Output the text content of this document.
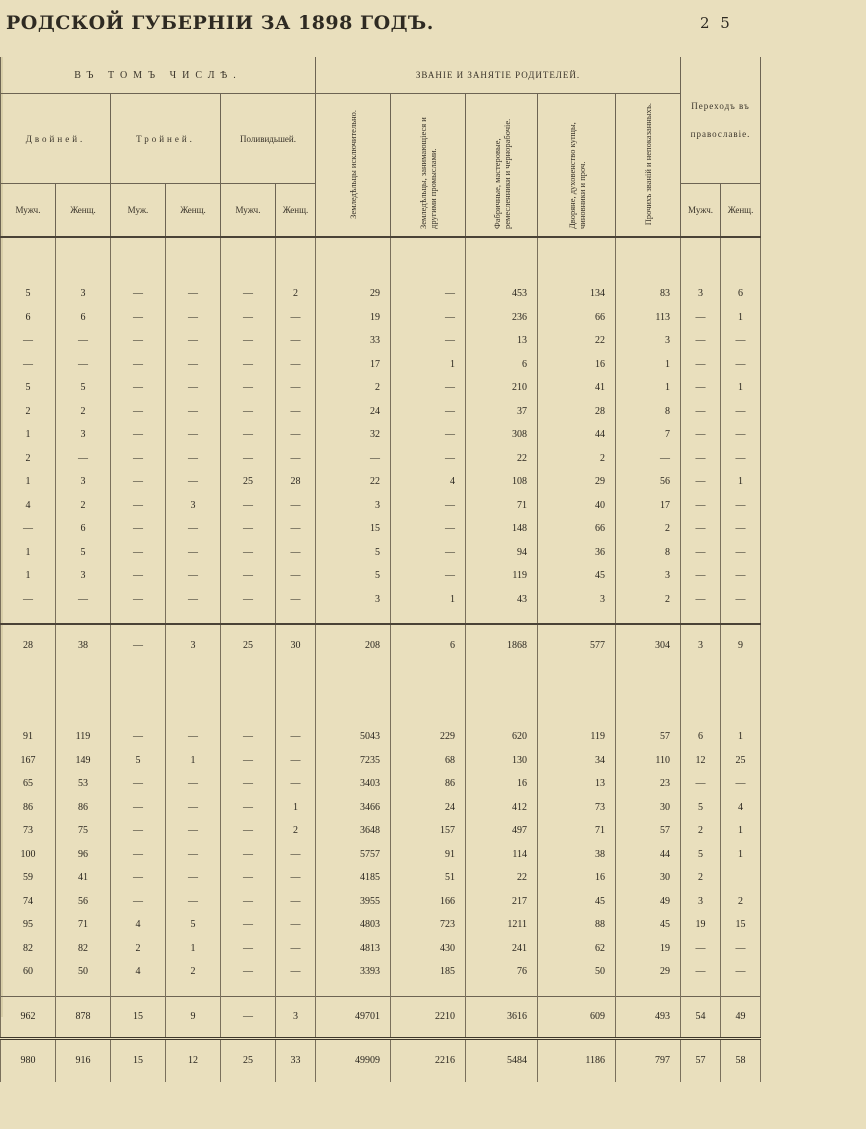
РОДСКОЙ ГУБЕРНІИ ЗА 1898 ГОДЪ.	2 5
ВЪ ТОМЪ ЧИСЛѢ.						ЗВАНІЕ И ЗАНЯТІЕ РОДИТЕЛЕЙ.					Переходъ въ православіе.	
Двойней.		Тройней.		Поливидьшей.		Земледѣльцы исключительно.	Земледѣльцы, занимающіеся и другими промыслами.	Фабричные, мастеровые, ремесленники и чернорабочіе.	Дворяне, духовенство купцы, чиновники и проч.	Прочихъ званій и непоказанныхъ.		
Мужч.	Женщ.	Муж.	Женщ.	Мужч.	Женщ.						Мужч.	Женщ.

5	3	—	—	—	2	29	—	453	134	83	3	6
6	6	—	—	—	—	19	—	236	66	113	—	1
—	—	—	—	—	—	33	—	13	22	3	—	—
—	—	—	—	—	—	17	1	6	16	1	—	—
5	5	—	—	—	—	2	—	210	41	1	—	1
2	2	—	—	—	—	24	—	37	28	8	—	—
1	3	—	—	—	—	32	—	308	44	7	—	—
2	—	—	—	—	—	—	—	22	2	—	—	—
1	3	—	—	25	28	22	4	108	29	56	—	1
4	2	—	3	—	—	3	—	71	40	17	—	—
—	6	—	—	—	—	15	—	148	66	2	—	—
1	5	—	—	—	—	5	—	94	36	8	—	—
1	3	—	—	—	—	5	—	119	45	3	—	—
—	—	—	—	—	—	3	1	43	3	2	—	—

28	38	—	3	25	30	208	6	1868	577	304	3	9

91	119	—	—	—	—	5043	229	620	119	57	6	1
167	149	5	1	—	—	7235	68	130	34	110	12	25
65	53	—	—	—	—	3403	86	16	13	23	—	—
86	86	—	—	—	1	3466	24	412	73	30	5	4
73	75	—	—	—	2	3648	157	497	71	57	2	1
100	96	—	—	—	—	5757	91	114	38	44	5	1
59	41	—	—	—	—	4185	51	22	16	30	2	
74	56	—	—	—	—	3955	166	217	45	49	3	2
95	71	4	5	—	—	4803	723	1211	88	45	19	15
82	82	2	1	—	—	4813	430	241	62	19	—	—
60	50	4	2	—	—	3393	185	76	50	29	—	—

962	878	15	9	—	3	49701	2210	3616	609	493	54	49
980	916	15	12	25	33	49909	2216	5484	1186	797	57	58
